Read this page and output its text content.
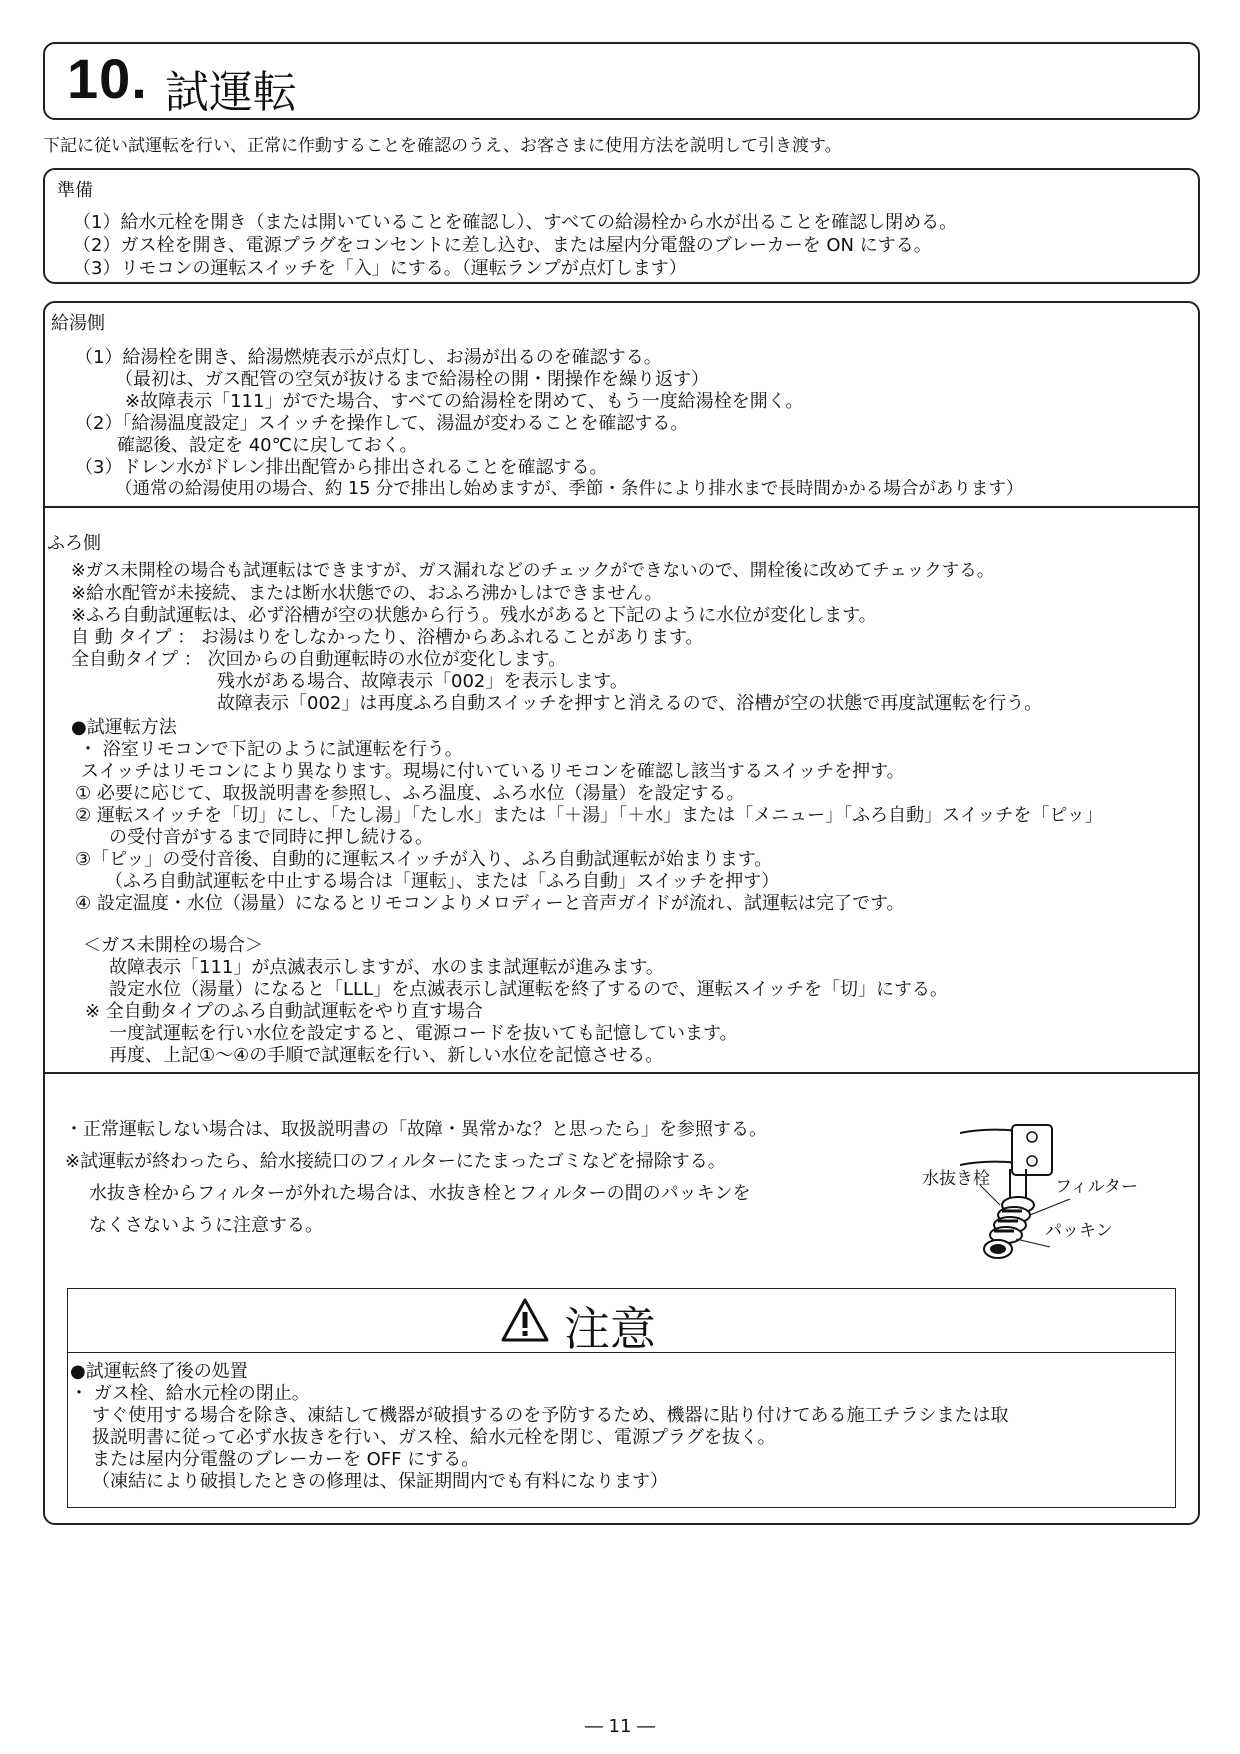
10. 試運転
下記に従い試運転を行い、正常に作動することを確認のうえ、お客さまに使用方法を説明して引き渡す。
準備
（1）給水元栓を開き（または開いていることを確認し）、すべての給湯栓から水が出ることを確認し閉める。
（2）ガス栓を開き、電源プラグをコンセントに差し込む、または屋内分電盤のブレーカーを ON にする。
（3）リモコンの運転スイッチを「入」にする。（運転ランプが点灯します）
給湯側
（1）給湯栓を開き、給湯燃焼表示が点灯し、お湯が出るのを確認する。
（最初は、ガス配管の空気が抜けるまで給湯栓の開・閉操作を繰り返す）
※故障表示「111」がでた場合、すべての給湯栓を閉めて、もう一度給湯栓を開く。
（2）「給湯温度設定」スイッチを操作して、湯温が変わることを確認する。
確認後、設定を 40℃に戻しておく。
（3）ドレン水がドレン排出配管から排出されることを確認する。
（通常の給湯使用の場合、約 15 分で排出し始めますが、季節・条件により排水まで長時間かかる場合があります）
ふろ側
※ガス未開栓の場合も試運転はできますが、ガス漏れなどのチェックができないので、開栓後に改めてチェックする。
※給水配管が未接続、または断水状態での、おふろ沸かしはできません。
※ふろ自動試運転は、必ず浴槽が空の状態から行う。残水があると下記のように水位が変化します。
自 動 タイプ ： お湯はりをしなかったり、浴槽からあふれることがあります。
全自動タイプ ： 次回からの自動運転時の水位が変化します。
残水がある場合、故障表示「002」を表示します。
故障表示「002」は再度ふろ自動スイッチを押すと消えるので、浴槽が空の状態で再度試運転を行う。
●試運転方法
・ 浴室リモコンで下記のように試運転を行う。
スイッチはリモコンにより異なります。現場に付いているリモコンを確認し該当するスイッチを押す。
① 必要に応じて、取扱説明書を参照し、ふろ温度、ふろ水位（湯量）を設定する。
② 運転スイッチを「切」にし、「たし湯」「たし水」または「＋湯」「＋水」または「メニュー」「ふろ自動」スイッチを「ピッ」
の受付音がするまで同時に押し続ける。
③「ピッ」の受付音後、自動的に運転スイッチが入り、ふろ自動試運転が始まります。
（ふろ自動試運転を中止する場合は「運転」、または「ふろ自動」スイッチを押す）
④ 設定温度・水位（湯量）になるとリモコンよりメロディーと音声ガイドが流れ、試運転は完了です。
＜ガス未開栓の場合＞
故障表示「111」が点滅表示しますが、水のまま試運転が進みます。
設定水位（湯量）になると「LLL」を点滅表示し試運転を終了するので、運転スイッチを「切」にする。
※ 全自動タイプのふろ自動試運転をやり直す場合
一度試運転を行い水位を設定すると、電源コードを抜いても記憶しています。
再度、上記①～④の手順で試運転を行い、新しい水位を記憶させる。
・正常運転しない場合は、取扱説明書の「故障・異常かな？と思ったら」を参照する。
※試運転が終わったら、給水接続口のフィルターにたまったゴミなどを掃除する。
水抜き栓からフィルターが外れた場合は、水抜き栓とフィルターの間のパッキンを
なくさないように注意する。
注意
●試運転終了後の処置
・ ガス栓、給水元栓の閉止。
すぐ使用する場合を除き、凍結して機器が破損するのを予防するため、機器に貼り付けてある施工チラシまたは取
扱説明書に従って必ず水抜きを行い、ガス栓、給水元栓を閉じ、電源プラグを抜く。
または屋内分電盤のブレーカーを OFF にする。
（凍結により破損したときの修理は、保証期間内でも有料になります）
水抜き栓	フィルター
パッキン
― 11 ―
